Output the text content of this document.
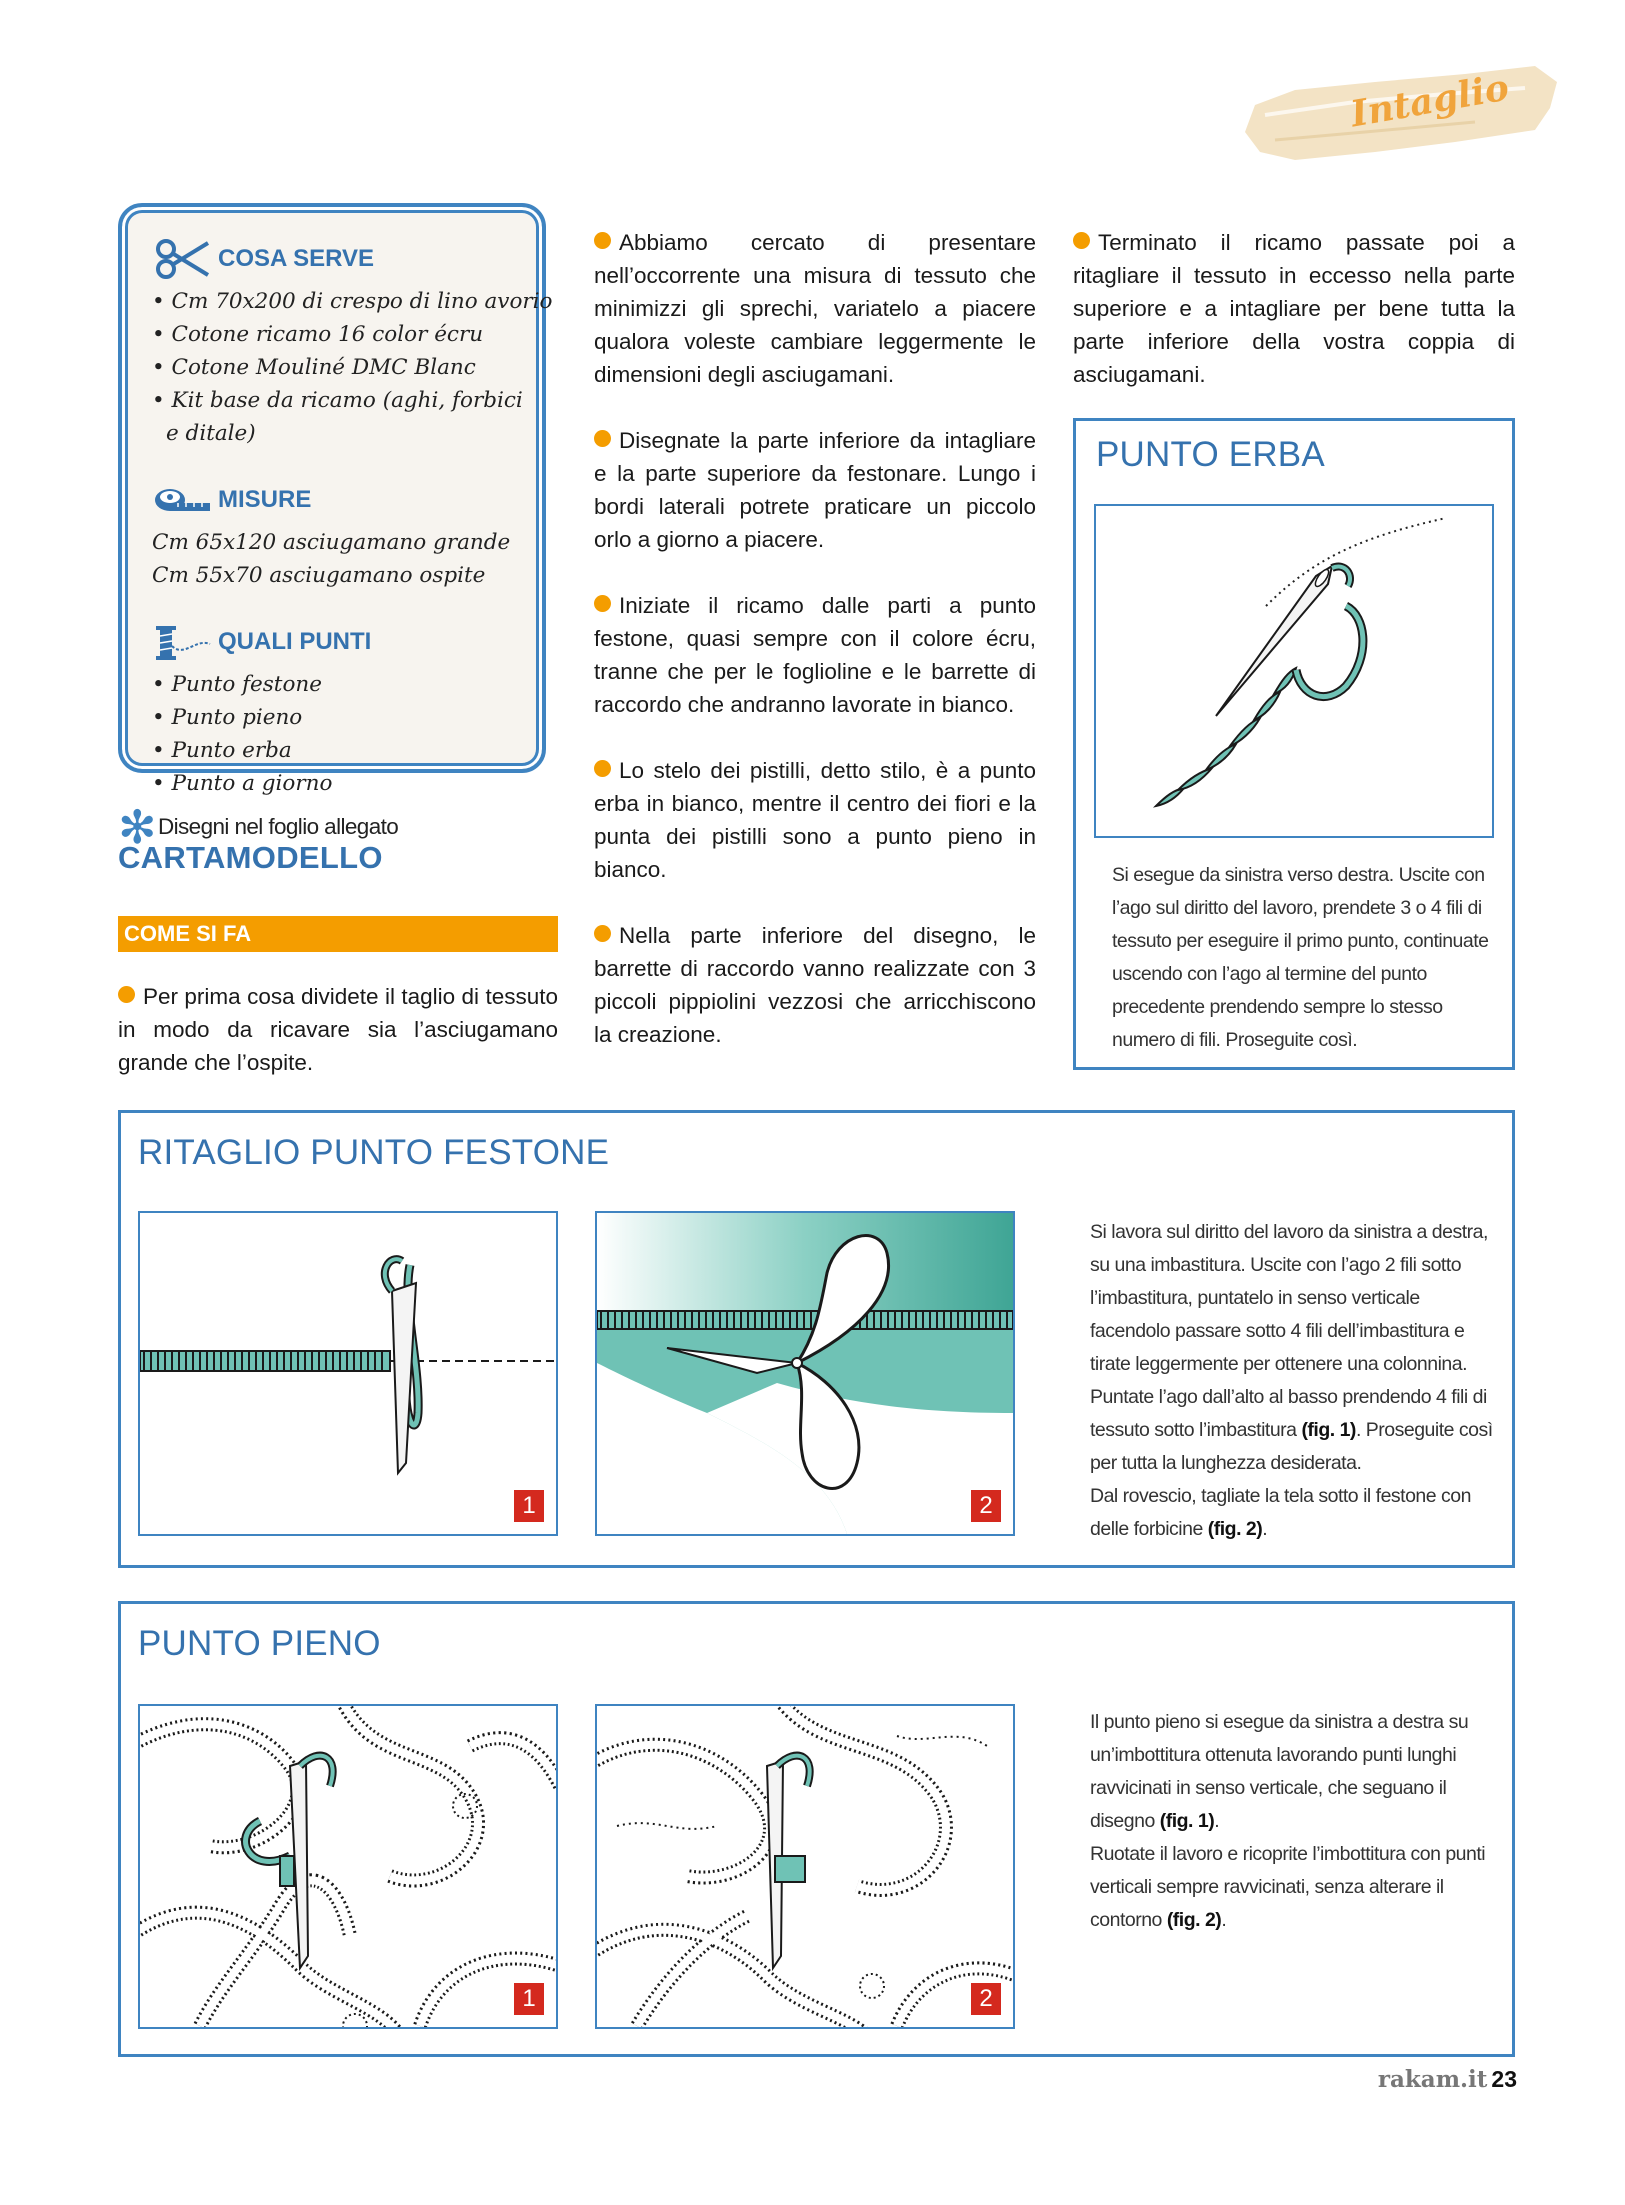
Intaglio
COSA SERVE
• Cm 70x200 di crespo di lino avorio
• Cotone ricamo 16 color écru
• Cotone Mouliné DMC Blanc
• Kit base da ricamo (aghi, forbici
e ditale)
MISURE
Cm 65x120 asciugamano grande
Cm 55x70 asciugamano ospite
QUALI PUNTI
• Punto festone
• Punto pieno
• Punto erba
• Punto a giorno
✻ Disegni nel foglio allegato
CARTAMODELLO
COME SI FA

Per prima cosa dividete il taglio di tessuto in modo da ricavare sia l’asciugamano grande che l’ospite.

Abbiamo cercato di presentare nell’occorrente una misura di tessuto che minimizzi gli sprechi, variatelo a piacere qualora voleste cambiare leggermente le dimensioni degli asciugamani.

Disegnate la parte inferiore da intagliare e la parte superiore da festonare. Lungo i bordi laterali potrete praticare un piccolo orlo a giorno a piacere.

Iniziate il ricamo dalle parti a punto festone, quasi sempre con il colore écru, tranne che per le foglioline e le barrette di raccordo che andranno lavorate in bianco.

Lo stelo dei pistilli, detto stilo, è a punto erba in bianco, mentre il centro dei fiori e la punta dei pistilli sono a punto pieno in bianco.

Nella parte inferiore del disegno, le barrette di raccordo vanno realizzate con 3 piccoli pippiolini vezzosi che arricchiscono la creazione.

Terminato il ricamo passate poi a ritagliare il tessuto in eccesso nella parte superiore e a intagliare per bene tutta la parte inferiore della vostra coppia di asciugamani.

PUNTO ERBA

Si esegue da sinistra verso destra. Uscite con l’ago sul diritto del lavoro, prendete 3 o 4 fili di tessuto per eseguire il primo punto, continuate uscendo con l’ago al termine del punto precedente prendendo sempre lo stesso numero di fili. Proseguite così.

RITAGLIO PUNTO FESTONE
1	2

Si lavora sul diritto del lavoro da sinistra a destra, su una imbastitura. Uscite con l’ago 2 fili sotto l’imbastitura, puntatelo in senso verticale facendolo passare sotto 4 fili dell’imbastitura e tirate leggermente per ottenere una colonnina. Puntate l’ago dall’alto al basso prendendo 4 fili di tessuto sotto l’imbastitura (fig. 1). Proseguite così per tutta la lunghezza desiderata.
Dal rovescio, tagliate la tela sotto il festone con delle forbicine (fig. 2).

PUNTO PIENO
1	2

Il punto pieno si esegue da sinistra a destra su un’imbottitura ottenuta lavorando punti lunghi ravvicinati in senso verticale, che seguano il disegno (fig. 1).
Ruotate il lavoro e ricoprite l’imbottitura con punti verticali sempre ravvicinati, senza alterare il contorno (fig. 2).

rakam.it 23
